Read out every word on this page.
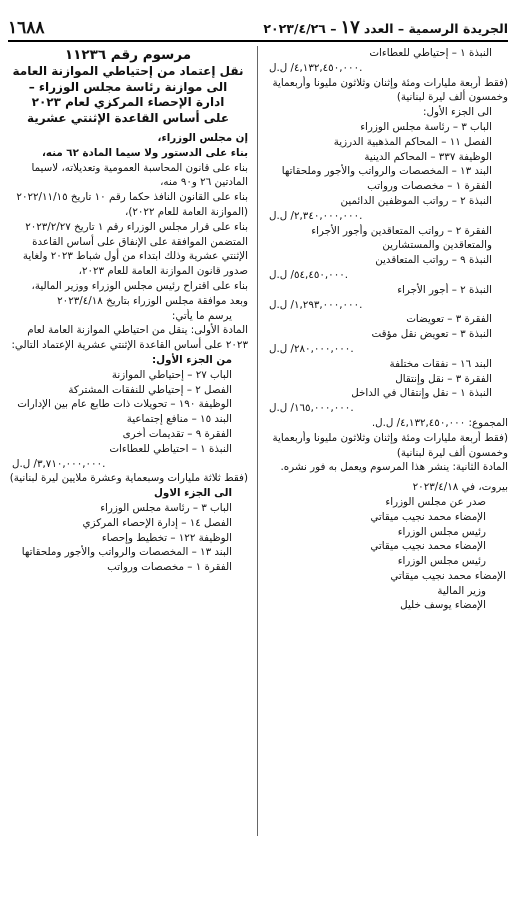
الجريدة الرسمية – العدد
١٧
– ٢٠٢٣/٤/٢٦
١٦٨٨
النبذة ١ – إحتياطي للعطاءات
٤,١٣٢,٤٥٠,٠٠٠/ ل.ل.
(فقط أربعة مليارات ومئة وإثنان وثلاثون مليونا وأربعماية وخمسون ألف ليرة لبنانية)
الى الجزء الأول:
الباب ٣ – رئاسة مجلس الوزراء
الفصل ١١ – المحاكم المذهبية الدرزية
الوظيفة ٣٣٧ – المحاكم الدينية
البند ١٣ – المخصصات والرواتب والأجور وملحقاتها
الفقرة ١ – مخصصات ورواتب
النبذة ٢ – رواتب الموظفين الدائمين
٢,٣٤٠,٠٠٠,٠٠٠/ ل.ل.
الفقرة ٢ – رواتب المتعاقدين وأجور الأجراء والمتعاقدين والمستشارين
النبذة ٩ – رواتب المتعاقدين
٥٤,٤٥٠,٠٠٠/ ل.ل.
النبذة ٢ – أجور الأجراء
١,٢٩٣,٠٠٠,٠٠٠/ ل.ل.
الفقرة ٣ – تعويضات
النبذة ٣ – تعويض نقل مؤقت
٢٨٠,٠٠٠,٠٠٠/ ل.ل.
البند ١٦ – نفقات مختلفة
الفقرة ٣ – نقل وإنتقال
النبذة ١ – نقل وإنتقال في الداخل
١٦٥,٠٠٠,٠٠٠/ ل.ل.
المجموع: ٤,١٣٢,٤٥٠,٠٠٠/ ل.ل.
(فقط أربعة مليارات ومئة وإثنان وثلاثون مليونا وأربعماية وخمسون ألف ليرة لبنانية)
المادة الثانية: ينشر هذا المرسوم ويعمل به فور نشره.
بيروت، في ٢٠٢٣/٤/١٨
صدر عن مجلس الوزراء
الإمضاء محمد نجيب ميقاتي
رئيس مجلس الوزراء
الإمضاء محمد نجيب ميقاتي
رئيس مجلس الوزراء
الإمضاء محمد نجيب ميقاتي
وزير المالية
الإمضاء يوسف خليل
مرسوم رقم ١١٢٣٦
نقل إعتماد من إحتياطي الموازنة العامة
الى موازنة رئاسة مجلس الوزراء –
ادارة الإحصاء المركزي لعام ٢٠٢٣
على أساس القاعدة الإثنتي عشرية
إن مجلس الوزراء،
بناء على الدستور ولا سيما المادة ٦٢ منه،
بناء على قانون المحاسبة العمومية وتعديلاته، لاسيما المادتين ٢٦ و٩٠ منه،
بناء على القانون النافذ حكما رقم ١٠ تاريخ ٢٠٢٢/١١/١٥ (الموازنة العامة للعام ٢٠٢٢)،
بناء على قرار مجلس الوزراء رقم ١ تاريخ ٢٠٢٣/٢/٢٧ المتضمن الموافقة على الإنفاق على أساس القاعدة الإثنتي عشرية وذلك ابتداء من أول شباط ٢٠٢٣ ولغاية صدور قانون الموازنة العامة للعام ٢٠٢٣،
بناء على اقتراح رئيس مجلس الوزراء ووزير المالية،
وبعد موافقة مجلس الوزراء بتاريخ ٢٠٢٣/٤/١٨
يرسم ما يأتي:
المادة الأولى: ينقل من احتياطي الموازنة العامة لعام ٢٠٢٣ على أساس القاعدة الإثنتي عشرية الإعتماد التالي:
من الجزء الأول:
الباب ٢٧ – إحتياطي الموازنة
الفصل ٢ – إحتياطي للنفقات المشتركة
الوظيفة ١٩٠ – تحويلات ذات طابع عام بين الإدارات
البند ١٥ – منافع إجتماعية
الفقرة ٩ – تقديمات أخرى
النبذة ١ – احتياطي للعطاءات
٣,٧١٠,٠٠٠,٠٠٠/ ل.ل.
(فقط ثلاثة مليارات وسبعماية وعشرة ملايين ليرة لبنانية)
الى الجزء الاول
الباب ٣ – رئاسة مجلس الوزراء
الفصل ١٤ – إدارة الإحصاء المركزي
الوظيفة ١٢٢ – تخطيط وإحصاء
البند ١٣ – المخصصات والرواتب والأجور وملحقاتها
الفقرة ١ – مخصصات ورواتب
